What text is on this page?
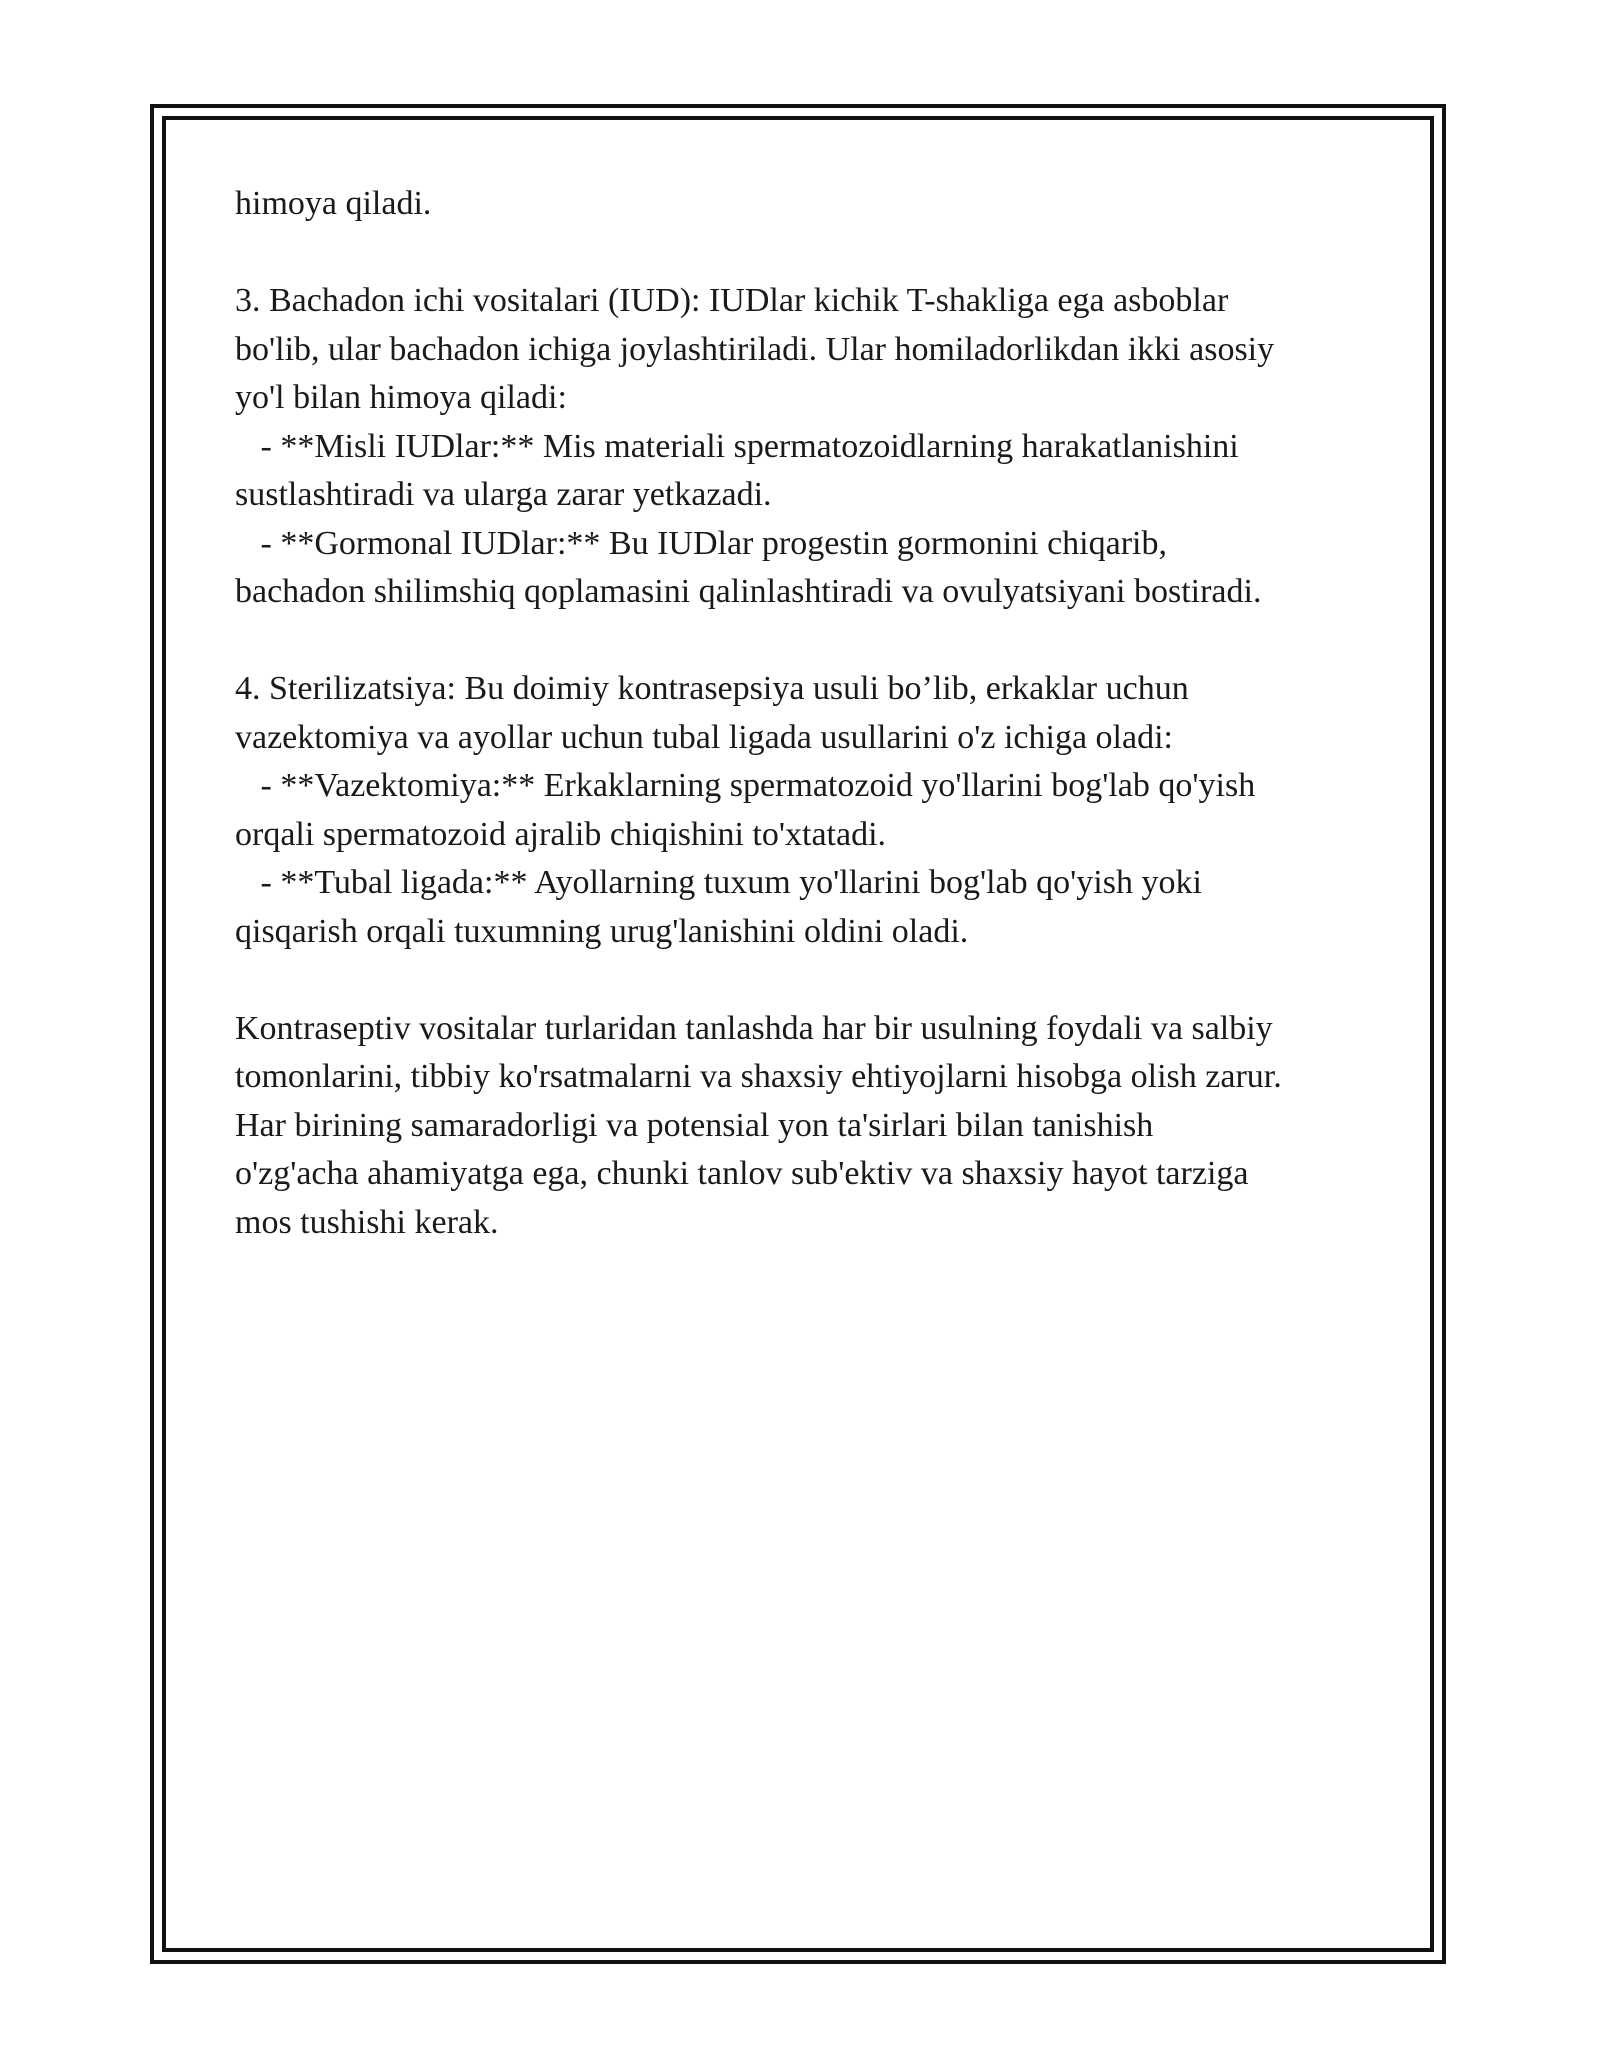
himoya qiladi.
3. Bachadon ichi vositalari (IUD): IUDlar kichik T-shakliga ega asboblar
bo'lib, ular bachadon ichiga joylashtiriladi. Ular homiladorlikdan ikki asosiy
yo'l bilan himoya qiladi:
- **Misli IUDlar:** Mis materiali spermatozoidlarning harakatlanishini
sustlashtiradi va ularga zarar yetkazadi.
- **Gormonal IUDlar:** Bu IUDlar progestin gormonini chiqarib,
bachadon shilimshiq qoplamasini qalinlashtiradi va ovulyatsiyani bostiradi.
4. Sterilizatsiya: Bu doimiy kontrasepsiya usuli bo’lib, erkaklar uchun
vazektomiya va ayollar uchun tubal ligada usullarini o'z ichiga oladi:
- **Vazektomiya:** Erkaklarning spermatozoid yo'llarini bog'lab qo'yish
orqali spermatozoid ajralib chiqishini to'xtatadi.
- **Tubal ligada:** Ayollarning tuxum yo'llarini bog'lab qo'yish yoki
qisqarish orqali tuxumning urug'lanishini oldini oladi.
Kontraseptiv vositalar turlaridan tanlashda har bir usulning foydali va salbiy
tomonlarini, tibbiy ko'rsatmalarni va shaxsiy ehtiyojlarni hisobga olish zarur.
Har birining samaradorligi va potensial yon ta'sirlari bilan tanishish
o'zg'acha ahamiyatga ega, chunki tanlov sub'ektiv va shaxsiy hayot tarziga
mos tushishi kerak.
